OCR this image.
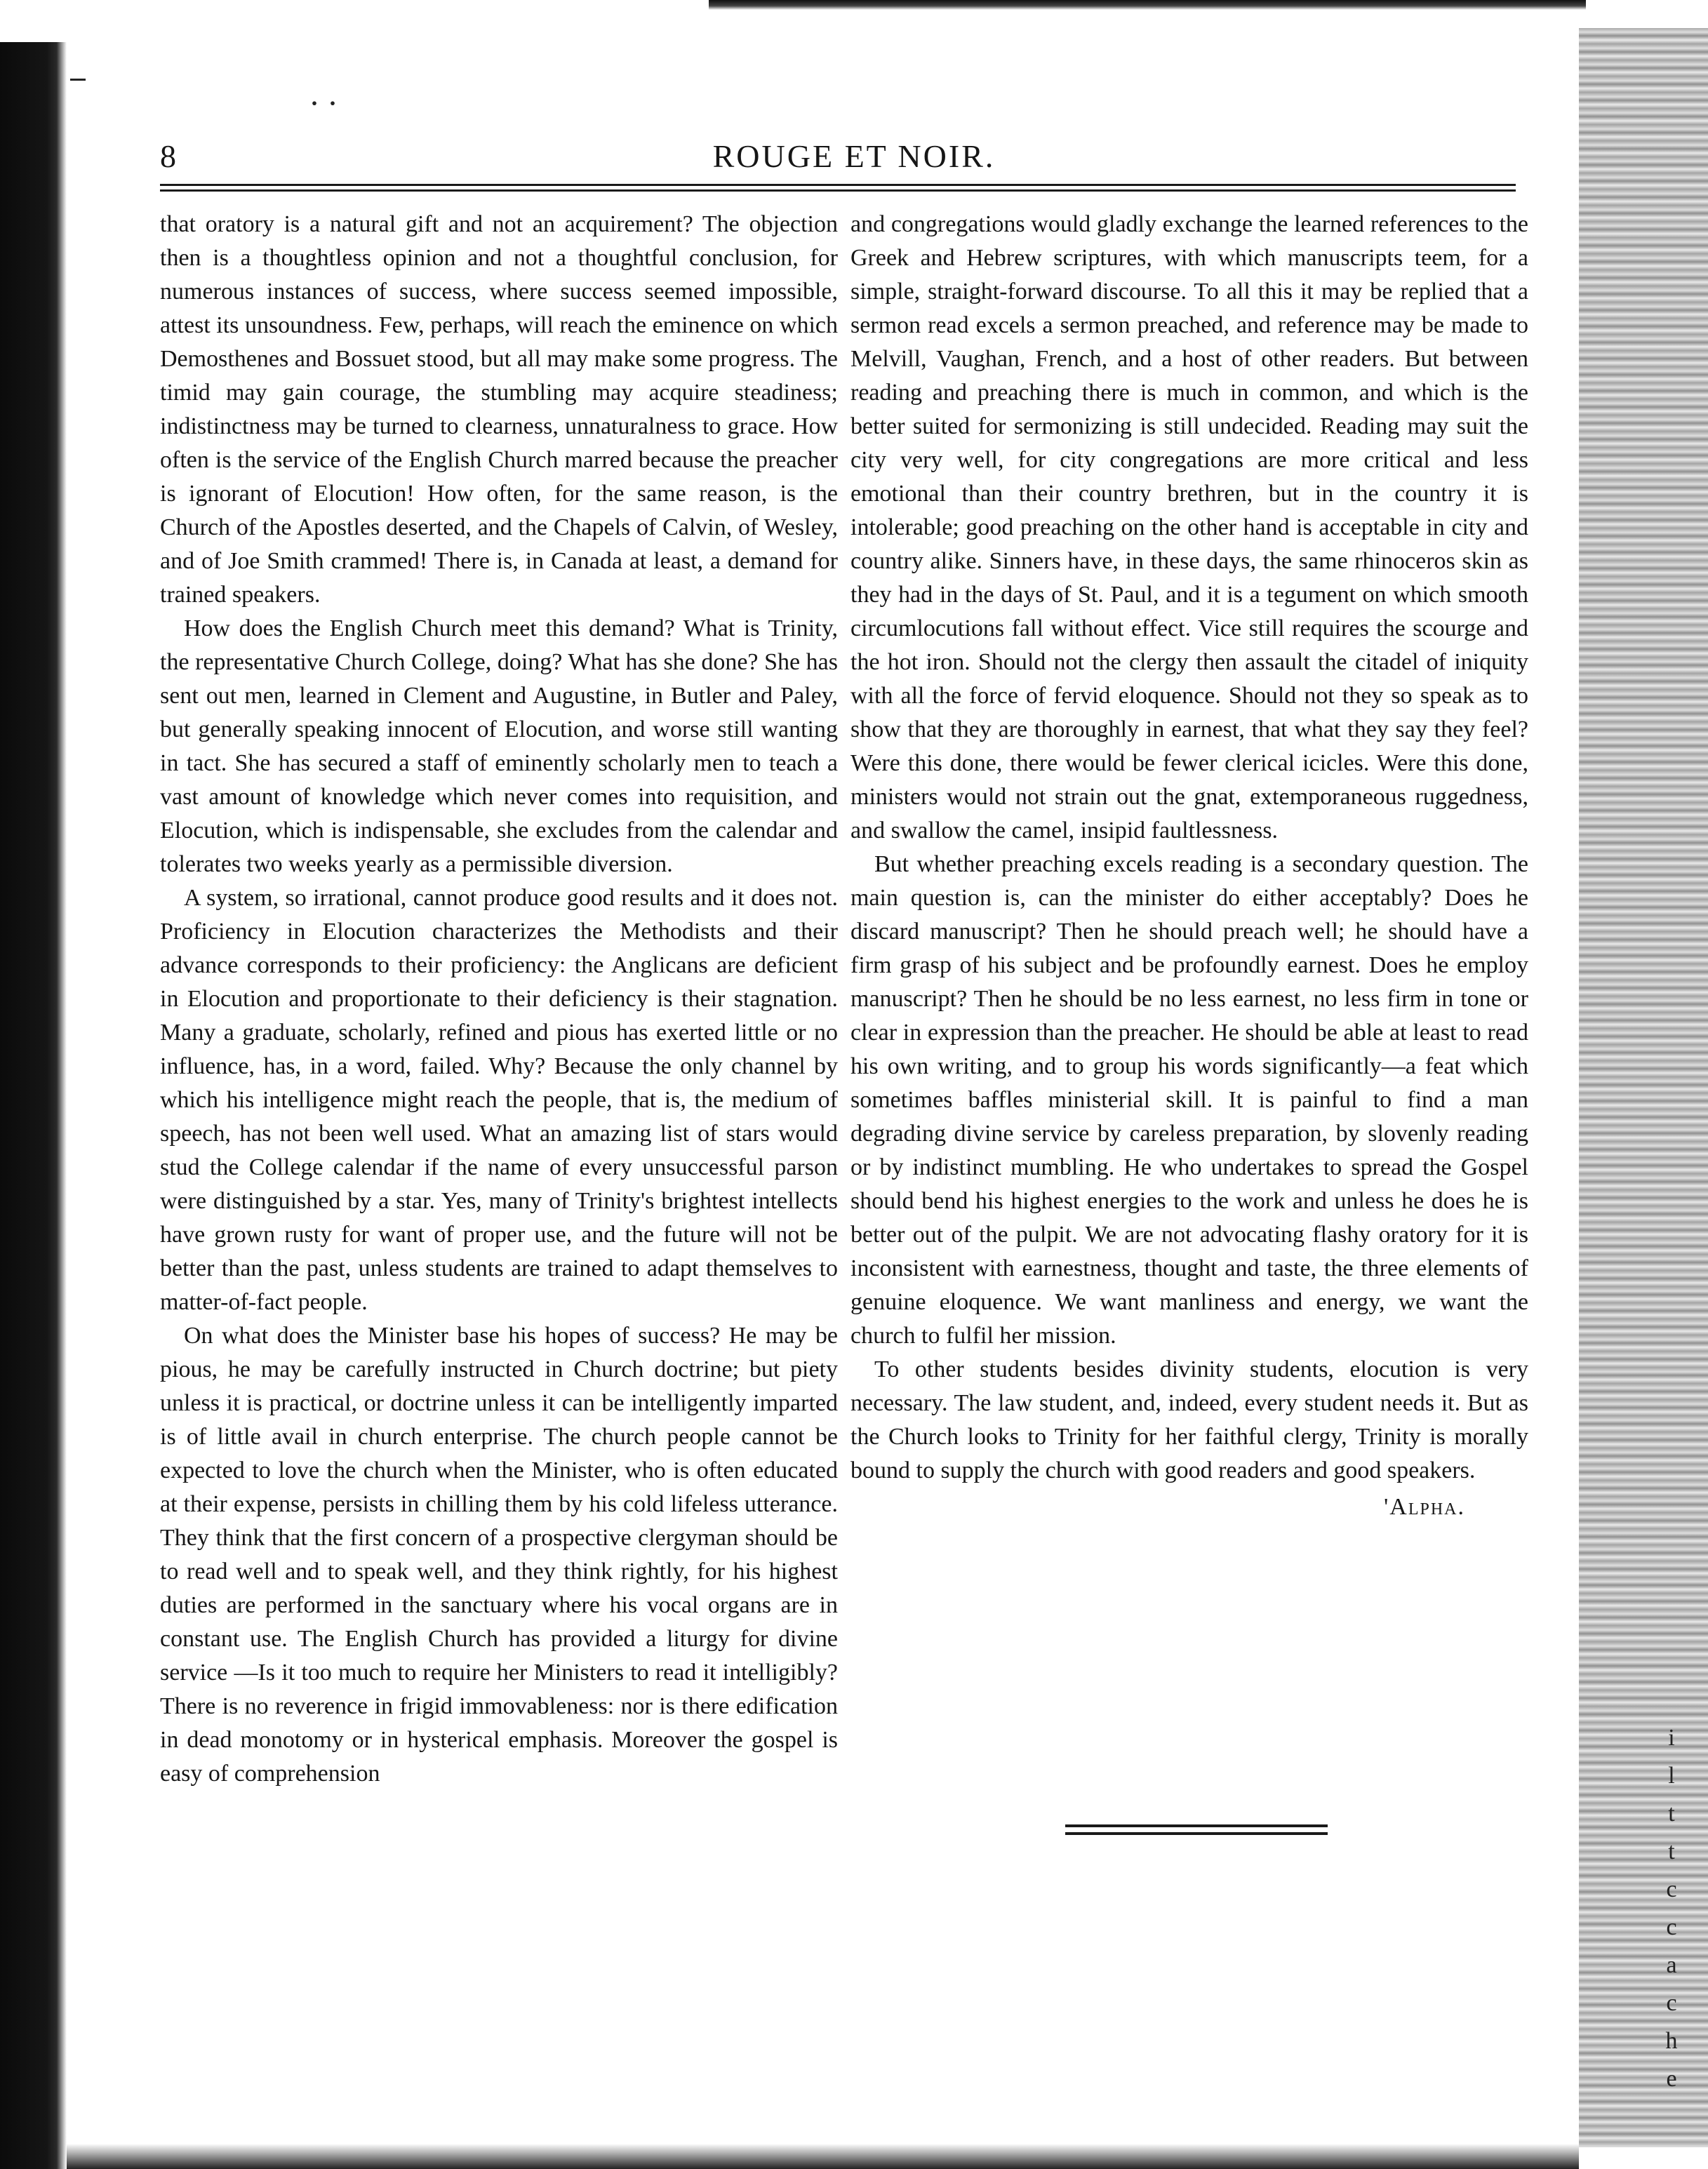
··
8	ROUGE ET NOIR.

that oratory is a natural gift and not an acquirement? The objection then is a thoughtless opinion and not a thoughtful conclusion, for numerous instances of success, where success seemed impossible, attest its unsoundness. Few, perhaps, will reach the eminence on which Demosthenes and Bossuet stood, but all may make some progress. The timid may gain courage, the stumbling may acquire steadiness; indistinctness may be turned to clearness, unnaturalness to grace. How often is the service of the English Church marred because the preacher is ignorant of Elocution! How often, for the same reason, is the Church of the Apostles deserted, and the Chapels of Calvin, of Wesley, and of Joe Smith crammed! There is, in Canada at least, a demand for trained speakers.

How does the English Church meet this demand? What is Trinity, the representative Church College, doing? What has she done? She has sent out men, learned in Clement and Augustine, in Butler and Paley, but generally speaking innocent of Elocution, and worse still wanting in tact. She has secured a staff of eminently scholarly men to teach a vast amount of knowledge which never comes into requisition, and Elocution, which is indispensable, she excludes from the calendar and tolerates two weeks yearly as a permissible diversion.

A system, so irrational, cannot produce good results and it does not. Proficiency in Elocution characterizes the Methodists and their advance corresponds to their proficiency: the Anglicans are deficient in Elocution and proportionate to their deficiency is their stagnation. Many a graduate, scholarly, refined and pious has exerted little or no influence, has, in a word, failed. Why? Because the only channel by which his intelligence might reach the people, that is, the medium of speech, has not been well used. What an amazing list of stars would stud the College calendar if the name of every unsuccessful parson were distinguished by a star. Yes, many of Trinity's brightest intellects have grown rusty for want of proper use, and the future will not be better than the past, unless students are trained to adapt themselves to matter-of-fact people.

On what does the Minister base his hopes of success? He may be pious, he may be carefully instructed in Church doctrine; but piety unless it is practical, or doctrine unless it can be intelligently imparted is of little avail in church enterprise. The church people cannot be expected to love the church when the Minister, who is often educated at their expense, persists in chilling them by his cold lifeless utterance. They think that the first concern of a prospective clergyman should be to read well and to speak well, and they think rightly, for his highest duties are performed in the sanctuary where his vocal organs are in constant use. The English Church has provided a liturgy for divine service —Is it too much to require her Ministers to read it intelligibly? There is no reverence in frigid immovableness: nor is there edification in dead monotomy or in hysterical emphasis. Moreover the gospel is easy of comprehension

and congregations would gladly exchange the learned references to the Greek and Hebrew scriptures, with which manuscripts teem, for a simple, straight-forward discourse. To all this it may be replied that a sermon read excels a sermon preached, and reference may be made to Melvill, Vaughan, French, and a host of other readers. But between reading and preaching there is much in common, and which is the better suited for sermonizing is still undecided. Reading may suit the city very well, for city congregations are more critical and less emotional than their country brethren, but in the country it is intolerable; good preaching on the other hand is acceptable in city and country alike. Sinners have, in these days, the same rhinoceros skin as they had in the days of St. Paul, and it is a tegument on which smooth circumlocutions fall without effect. Vice still requires the scourge and the hot iron. Should not the clergy then assault the citadel of iniquity with all the force of fervid eloquence. Should not they so speak as to show that they are thoroughly in earnest, that what they say they feel? Were this done, there would be fewer clerical icicles. Were this done, ministers would not strain out the gnat, extemporaneous ruggedness, and swallow the camel, insipid faultlessness.

But whether preaching excels reading is a secondary question. The main question is, can the minister do either acceptably? Does he discard manuscript? Then he should preach well; he should have a firm grasp of his subject and be profoundly earnest. Does he employ manuscript? Then he should be no less earnest, no less firm in tone or clear in expression than the preacher. He should be able at least to read his own writing, and to group his words significantly—a feat which sometimes baffles ministerial skill. It is painful to find a man degrading divine service by careless preparation, by slovenly reading or by indistinct mumbling. He who undertakes to spread the Gospel should bend his highest energies to the work and unless he does he is better out of the pulpit. We are not advocating flashy oratory for it is inconsistent with earnestness, thought and taste, the three elements of genuine eloquence. We want manliness and energy, we want the church to fulfil her mission.

To other students besides divinity students, elocution is very necessary. The law student, and, indeed, every student needs it. But as the Church looks to Trinity for her faithful clergy, Trinity is morally bound to supply the church with good readers and good speakers.

'Alpha.
i
l
t
t
c
c
a
c
h
e
